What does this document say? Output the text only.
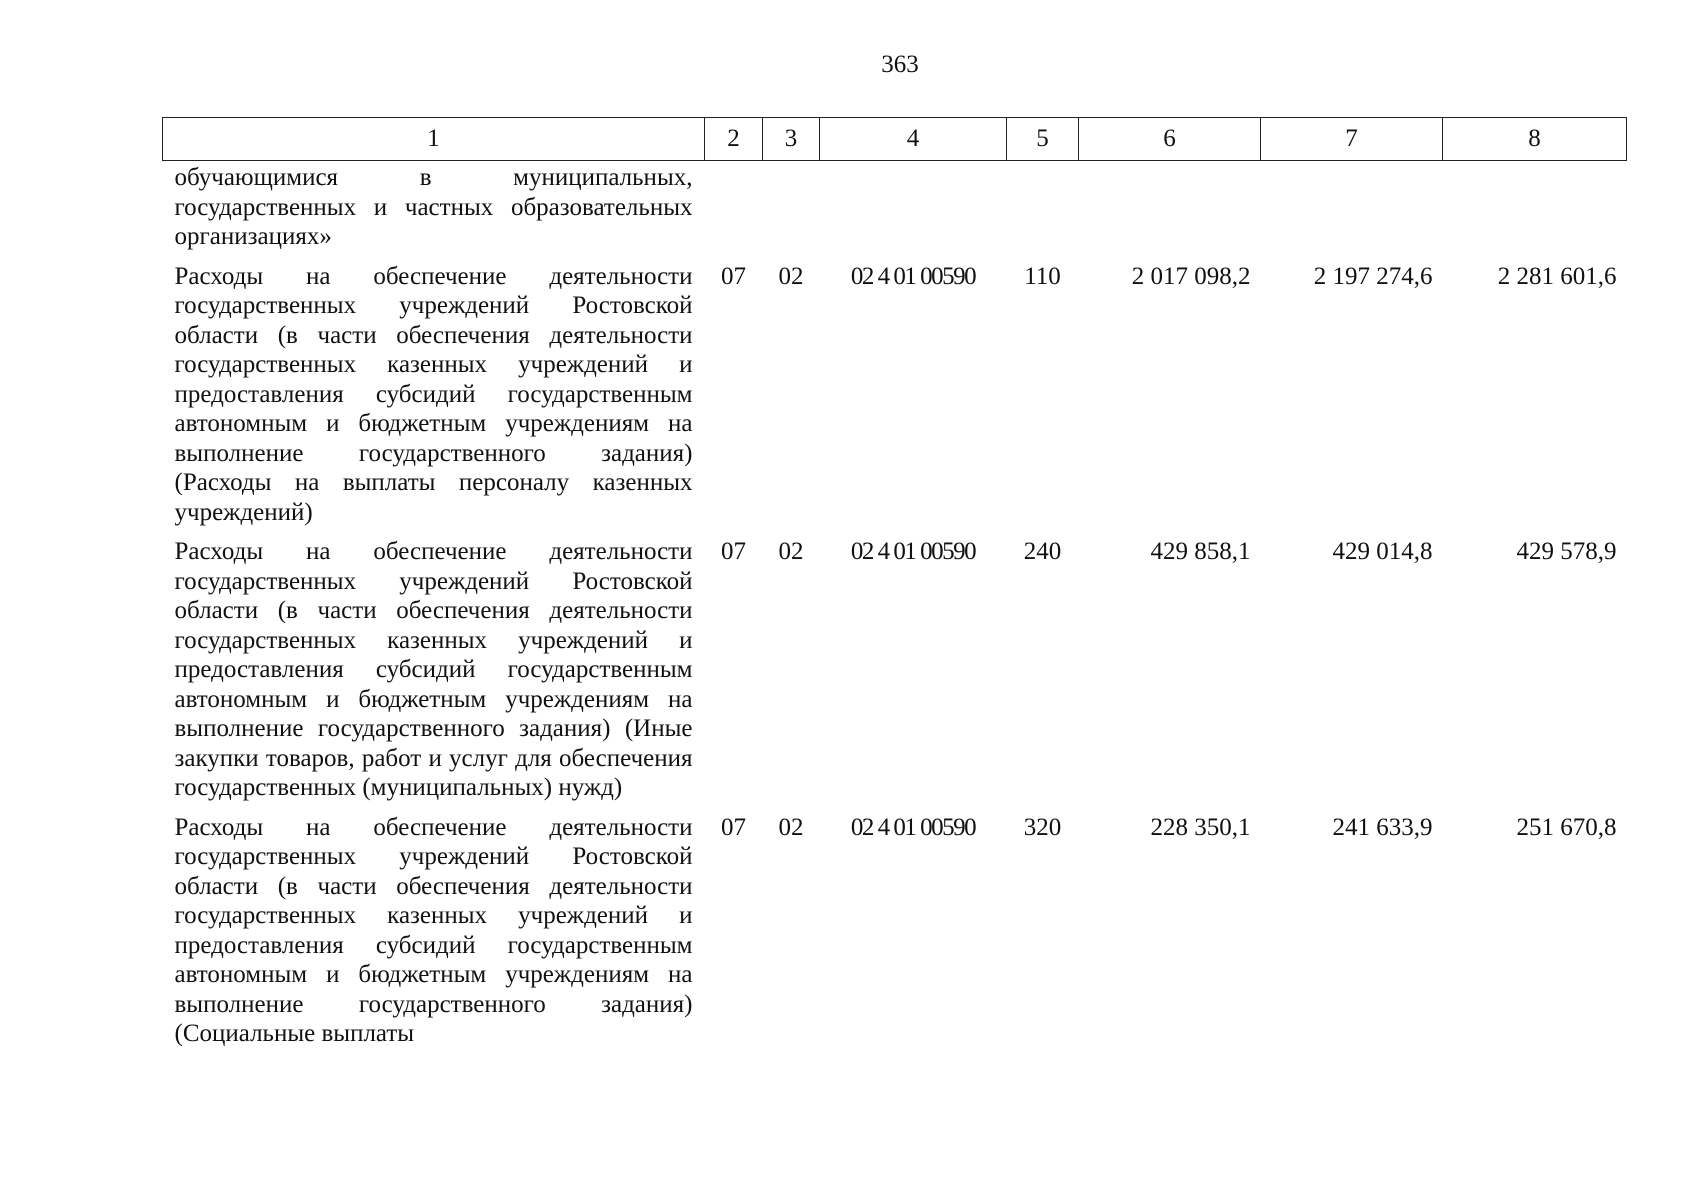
363
1	2	3	4	5	6	7	8
обучающимися в муниципальных, государственных и частных образовательных организациях»							
Расходы на обеспечение деятельности государственных учреждений Ростовской области (в части обеспечения деятельности государственных казенных учреждений и предоставления субсидий государственным автономным и бюджетным учреждениям на выполнение государственного задания) (Расходы на выплаты персоналу казенных учреждений)	07	02	02 4 01 00590	110	2 017 098,2	2 197 274,6	2 281 601,6
Расходы на обеспечение деятельности государственных учреждений Ростовской области (в части обеспечения деятельности государственных казенных учреждений и предоставления субсидий государственным автономным и бюджетным учреждениям на выполнение государственного задания) (Иные закупки товаров, работ и услуг для обеспечения государственных (муниципальных) нужд)	07	02	02 4 01 00590	240	429 858,1	429 014,8	429 578,9
Расходы на обеспечение деятельности государственных учреждений Ростовской области (в части обеспечения деятельности государственных казенных учреждений и предоставления субсидий государственным автономным и бюджетным учреждениям на выполнение государственного задания) (Социальные выплаты	07	02	02 4 01 00590	320	228 350,1	241 633,9	251 670,8
